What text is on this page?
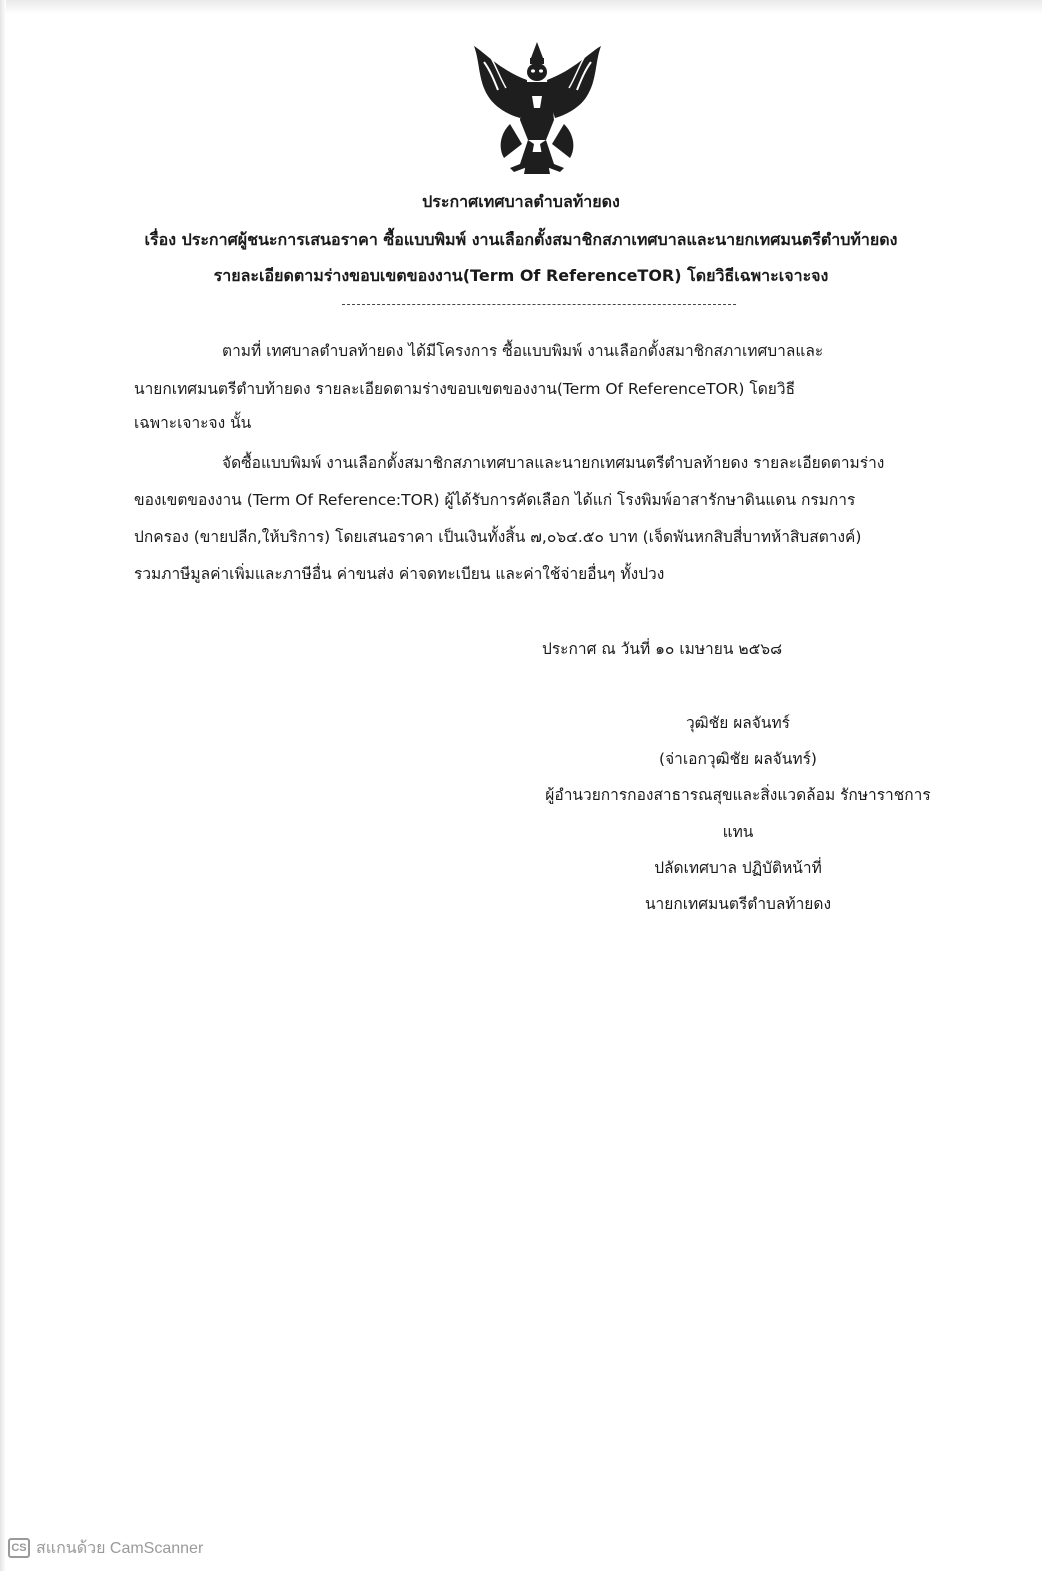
ประกาศเทศบาลตำบลท้ายดง
เรื่อง ประกาศผู้ชนะการเสนอราคา ซื้อแบบพิมพ์ งานเลือกตั้งสมาชิกสภาเทศบาลและนายกเทศมนตรีตำบท้ายดง
รายละเอียดตามร่างขอบเขตของงาน(Term Of ReferenceTOR) โดยวิธีเฉพาะเจาะจง
ตามที่ เทศบาลตำบลท้ายดง ได้มีโครงการ ซื้อแบบพิมพ์ งานเลือกตั้งสมาชิกสภาเทศบาลและ
นายกเทศมนตรีตำบท้ายดง รายละเอียดตามร่างขอบเขตของงาน(Term Of ReferenceTOR) โดยวิธี
เฉพาะเจาะจง นั้น
จัดซื้อแบบพิมพ์ งานเลือกตั้งสมาชิกสภาเทศบาลและนายกเทศมนตรีตำบลท้ายดง รายละเอียดตามร่าง
ของเขตของงาน (Term Of Reference:TOR) ผู้ได้รับการคัดเลือก ได้แก่ โรงพิมพ์อาสารักษาดินแดน กรมการ
ปกครอง (ขายปลีก,ให้บริการ) โดยเสนอราคา เป็นเงินทั้งสิ้น ๗,๐๖๔.๕๐ บาท (เจ็ดพันหกสิบสี่บาทห้าสิบสตางค์)
รวมภาษีมูลค่าเพิ่มและภาษีอื่น ค่าขนส่ง ค่าจดทะเบียน และค่าใช้จ่ายอื่นๆ ทั้งปวง
ประกาศ ณ วันที่ ๑๐ เมษายน ๒๕๖๘
วุฒิชัย ผลจันทร์
(จ่าเอกวุฒิชัย ผลจันทร์)
ผู้อำนวยการกองสาธารณสุขและสิ่งแวดล้อม รักษาราชการ
แทน
ปลัดเทศบาล ปฏิบัติหน้าที่
นายกเทศมนตรีตำบลท้ายดง
CS สแกนด้วย CamScanner
